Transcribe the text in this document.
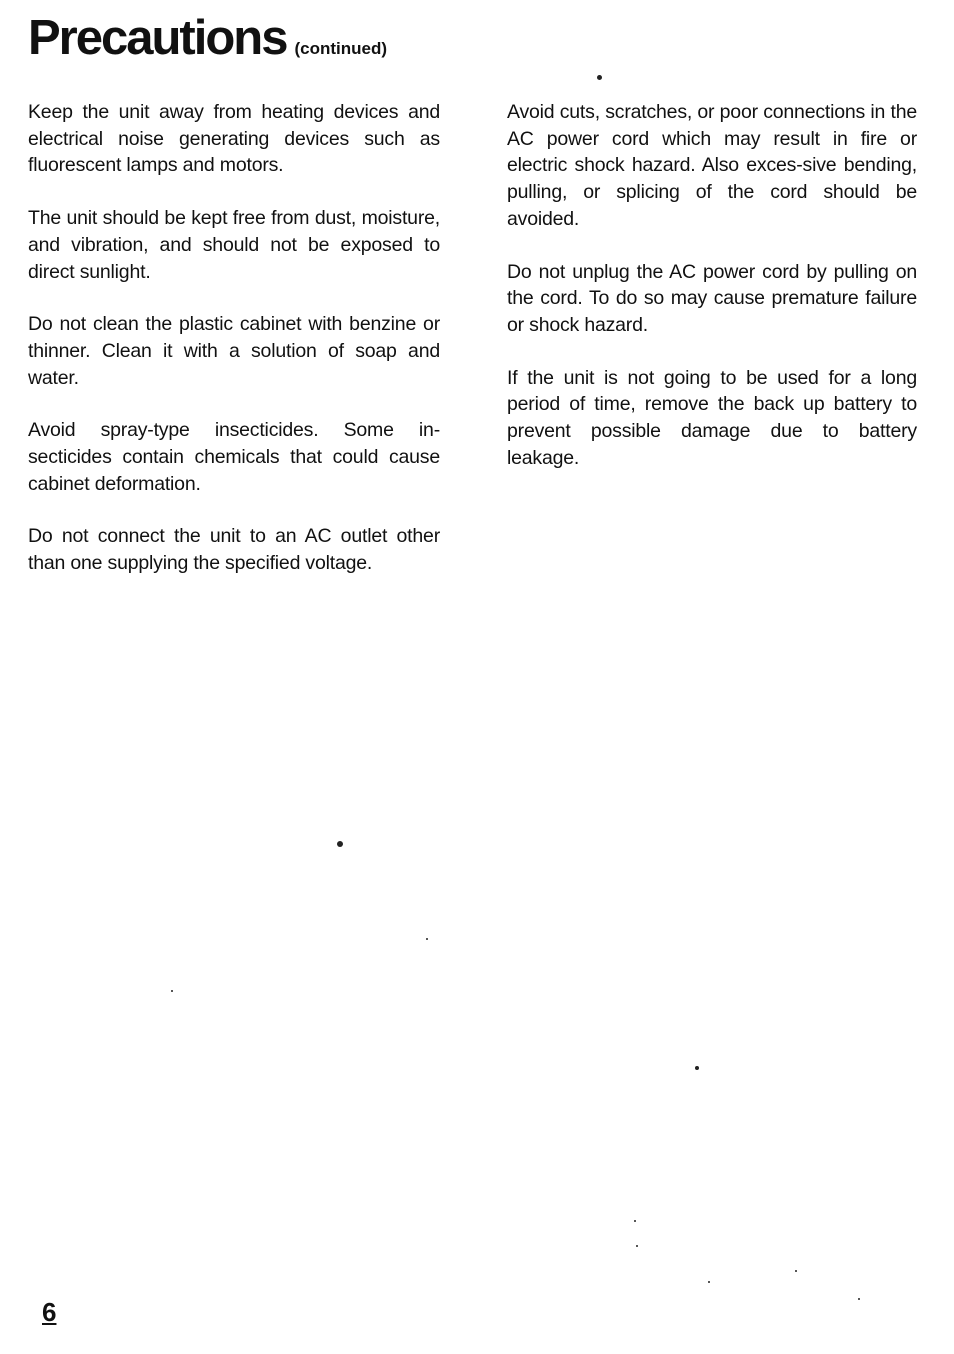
Precautions (continued)

Keep the unit away from heating devices and electrical noise generating devices such as fluorescent lamps and motors.

The unit should be kept free from dust, moisture, and vibration, and should not be exposed to direct sunlight.

Do not clean the plastic cabinet with benzine or thinner. Clean it with a solution of soap and water.

Avoid spray-type insecticides. Some in-secticides contain chemicals that could cause cabinet deformation.

Do not connect the unit to an AC outlet other than one supplying the specified voltage.

Avoid cuts, scratches, or poor connections in the AC power cord which may result in fire or electric shock hazard. Also exces-sive bending, pulling, or splicing of the cord should be avoided.

Do not unplug the AC power cord by pulling on the cord. To do so may cause premature failure or shock hazard.

If the unit is not going to be used for a long period of time, remove the back up battery to prevent possible damage due to battery leakage.

6
